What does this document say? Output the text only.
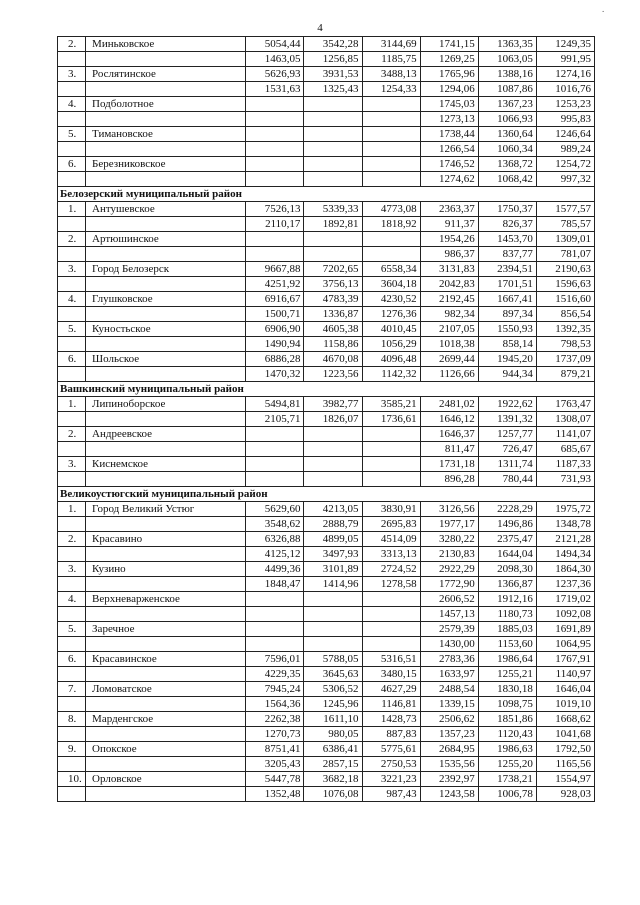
4
2.	Миньковское	5054,44	3542,28	3144,69	1741,15	1363,35	1249,35
		1463,05	1256,85	1185,75	1269,25	1063,05	991,95
3.	Рослятинское	5626,93	3931,53	3488,13	1765,96	1388,16	1274,16
		1531,63	1325,43	1254,33	1294,06	1087,86	1016,76
4.	Подболотное				1745,03	1367,23	1253,23
					1273,13	1066,93	995,83
5.	Тимановское				1738,44	1360,64	1246,64
					1266,54	1060,34	989,24
6.	Березниковское				1746,52	1368,72	1254,72
					1274,62	1068,42	997,32
Белозерский муниципальный район							
1.	Антушевское	7526,13	5339,33	4773,08	2363,37	1750,37	1577,57
		2110,17	1892,81	1818,92	911,37	826,37	785,57
2.	Артюшинское				1954,26	1453,70	1309,01
					986,37	837,77	781,07
3.	Город Белозерск	9667,88	7202,65	6558,34	3131,83	2394,51	2190,63
		4251,92	3756,13	3604,18	2042,83	1701,51	1596,63
4.	Глушковское	6916,67	4783,39	4230,52	2192,45	1667,41	1516,60
		1500,71	1336,87	1276,36	982,34	897,34	856,54
5.	Куностьское	6906,90	4605,38	4010,45	2107,05	1550,93	1392,35
		1490,94	1158,86	1056,29	1018,38	858,14	798,53
6.	Шольское	6886,28	4670,08	4096,48	2699,44	1945,20	1737,09
		1470,32	1223,56	1142,32	1126,66	944,34	879,21
Вашкинский муниципальный район							
1.	Липиноборское	5494,81	3982,77	3585,21	2481,02	1922,62	1763,47
		2105,71	1826,07	1736,61	1646,12	1391,32	1308,07
2.	Андреевское				1646,37	1257,77	1141,07
					811,47	726,47	685,67
3.	Киснемское				1731,18	1311,74	1187,33
					896,28	780,44	731,93
Великоустюгский муниципальный район							
1.	Город Великий Устюг	5629,60	4213,05	3830,91	3126,56	2228,29	1975,72
		3548,62	2888,79	2695,83	1977,17	1496,86	1348,78
2.	Красавино	6326,88	4899,05	4514,09	3280,22	2375,47	2121,28
		4125,12	3497,93	3313,13	2130,83	1644,04	1494,34
3.	Кузино	4499,36	3101,89	2724,52	2922,29	2098,30	1864,30
		1848,47	1414,96	1278,58	1772,90	1366,87	1237,36
4.	Верхневарженское				2606,52	1912,16	1719,02
					1457,13	1180,73	1092,08
5.	Заречное				2579,39	1885,03	1691,89
					1430,00	1153,60	1064,95
6.	Красавинское	7596,01	5788,05	5316,51	2783,36	1986,64	1767,91
		4229,35	3645,63	3480,15	1633,97	1255,21	1140,97
7.	Ломоватское	7945,24	5306,52	4627,29	2488,54	1830,18	1646,04
		1564,36	1245,96	1146,81	1339,15	1098,75	1019,10
8.	Марденгское	2262,38	1611,10	1428,73	2506,62	1851,86	1668,62
		1270,73	980,05	887,83	1357,23	1120,43	1041,68
9.	Опокское	8751,41	6386,41	5775,61	2684,95	1986,63	1792,50
		3205,43	2857,15	2750,53	1535,56	1255,20	1165,56
10.	Орловское	5447,78	3682,18	3221,23	2392,97	1738,21	1554,97
		1352,48	1076,08	987,43	1243,58	1006,78	928,03
.
